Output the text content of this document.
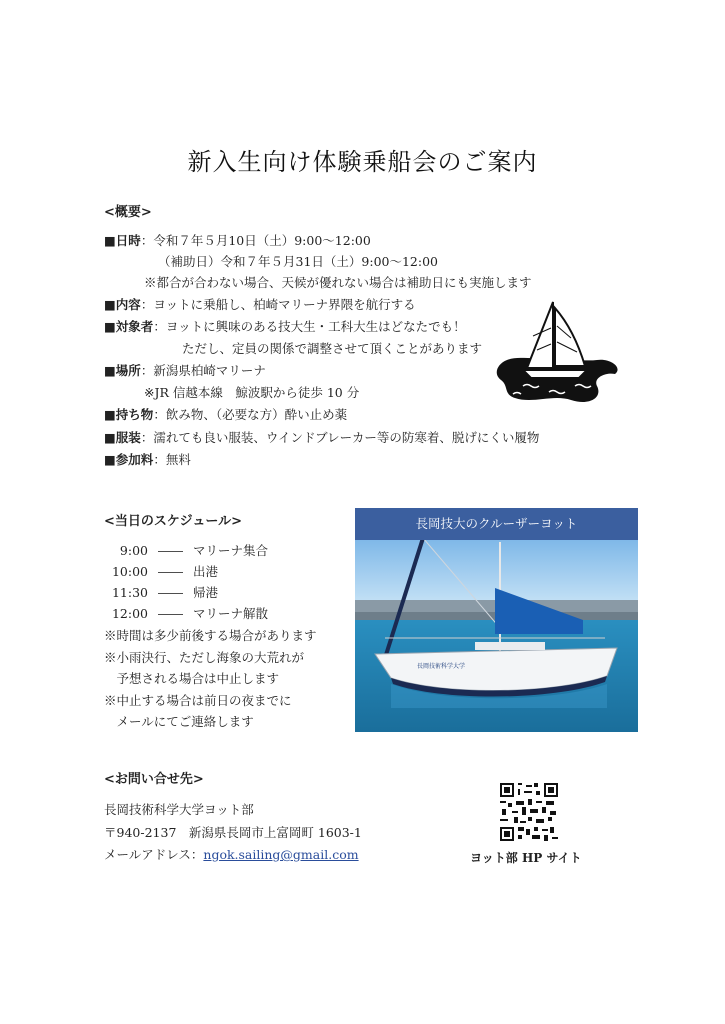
新入生向け体験乗船会のご案内
<概要>
■日時：令和７年５月10日（土）9:00～12:00
（補助日）令和７年５月31日（土）9:00～12:00
※都合が合わない場合、天候が優れない場合は補助日にも実施します
■内容：ヨットに乗船し、柏崎マリーナ界隈を航行する
■対象者：ヨットに興味のある技大生・工科大生はどなたでも！
ただし、定員の関係で調整させて頂くことがあります
■場所：新潟県柏崎マリーナ
※JR 信越本線　鯨波駅から徒歩 10 分
■持ち物：飲み物、（必要な方）酔い止め薬
■服装：濡れても良い服装、ウインドブレーカー等の防寒着、脱げにくい履物
■参加料：無料
<当日のスケジュール>
9:00 ―― マリーナ集合
10:00 ―― 出港
11:30 ―― 帰港
12:00 ―― マリーナ解散
※時間は多少前後する場合があります
※小雨決行、ただし海象の大荒れが
　予想される場合は中止します
※中止する場合は前日の夜までに
　メールにてご連絡します
長岡技術科学大学
長岡技大のクルーザーヨット
<お問い合せ先>
長岡技術科学大学ヨット部
〒940-2137　新潟県長岡市上富岡町 1603-1
メールアドレス：ngok.sailing@gmail.com	ヨット部 HP サイト
